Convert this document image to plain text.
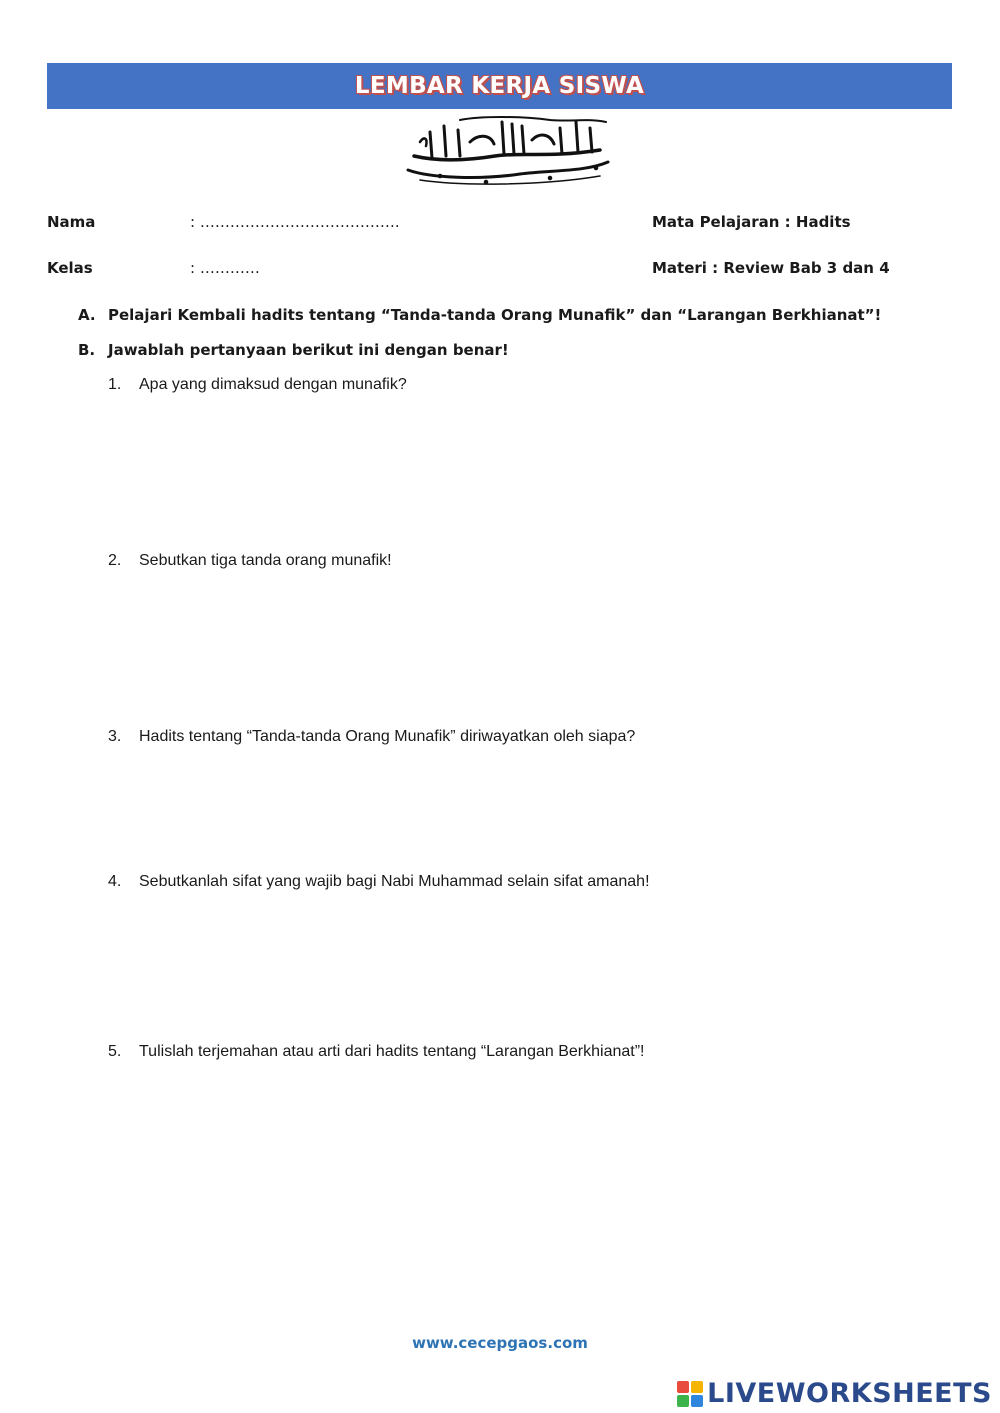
LEMBAR KERJA SISWA
Nama	: ………………………………….	Mata Pelajaran : Hadits
Kelas	: …………	Materi : Review Bab 3 dan 4
A. Pelajari Kembali hadits tentang “Tanda-tanda Orang Munafik” dan “Larangan Berkhianat”!
B. Jawablah pertanyaan berikut ini dengan benar!
1. Apa yang dimaksud dengan munafik?
2. Sebutkan tiga tanda orang munafik!
3. Hadits tentang “Tanda-tanda Orang Munafik” diriwayatkan oleh siapa?
4. Sebutkanlah sifat yang wajib bagi Nabi Muhammad selain sifat amanah!
5. Tulislah terjemahan atau arti dari hadits tentang “Larangan Berkhianat”!
www.cecepgaos.com
LIVEWORKSHEETS
